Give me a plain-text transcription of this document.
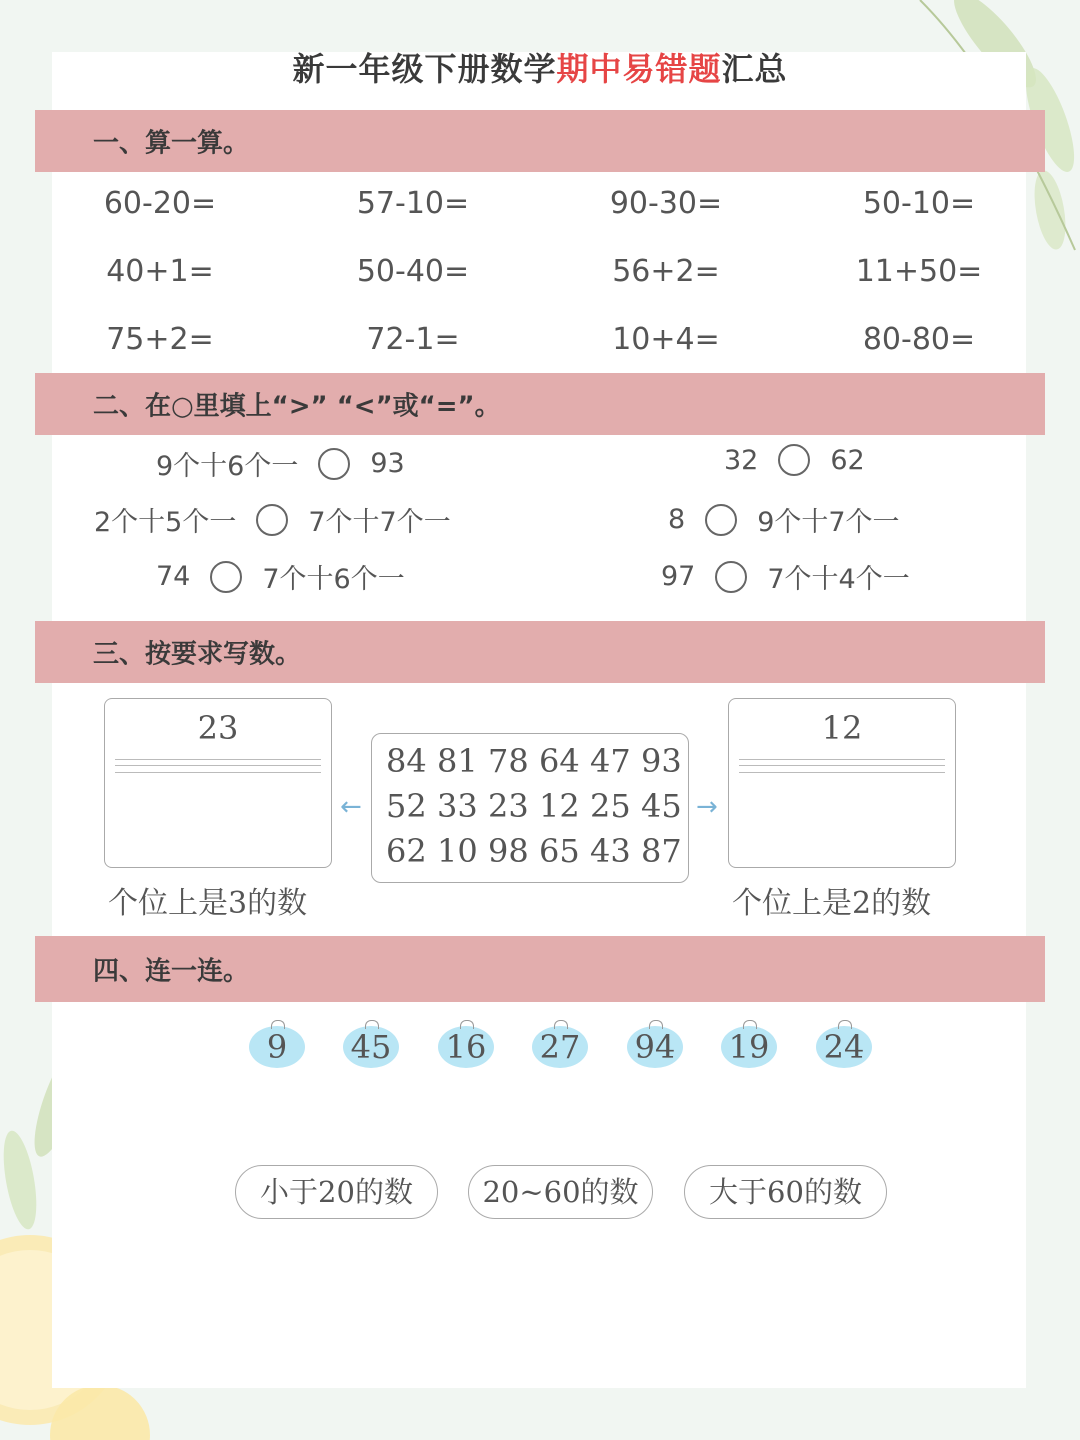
新一年级下册数学期中易错题汇总
一、算一算。
60-20=	57-10=	90-30=	50-10=
40+1=	50-40=	56+2=	11+50=
75+2=	72-1=	10+4=	80-80=
二、在○里填上“>” “<”或“=”。
9个十6个一	93	32	62
2个十5个一	7个十7个一	8	9个十7个一
74	7个十6个一	97	7个十4个一
三、按要求写数。
23
个位上是3的数
←
84 81 78 64 47 93
52 33 23 12 25 45
62 10 98 65 43 87
→
12
个位上是2的数
四、连一连。
9	45 16 27 94 19 24
小于20的数	20~60的数	大于60的数
